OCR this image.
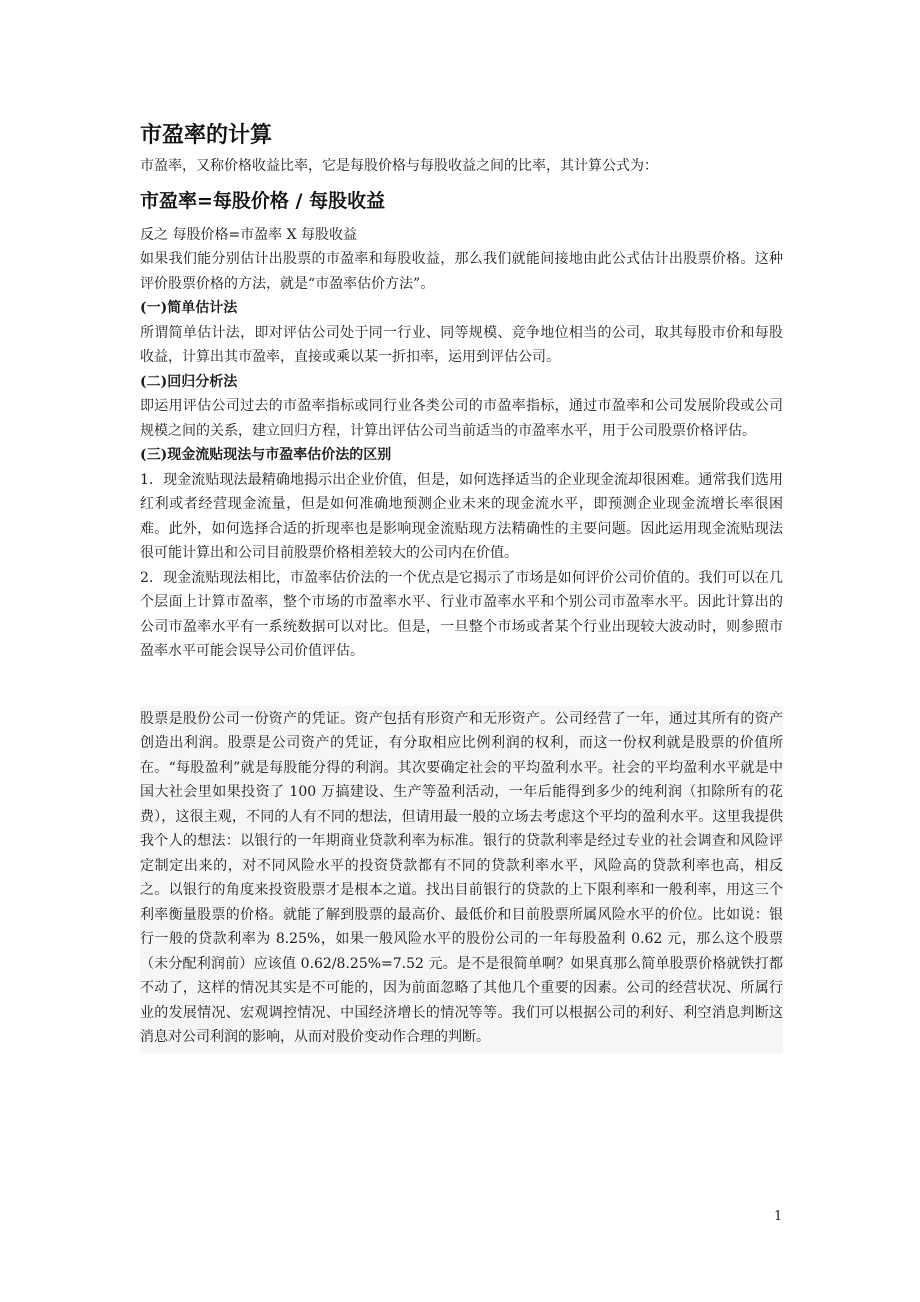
市盈率的计算

市盈率，又称价格收益比率，它是每股价格与每股收益之间的比率，其计算公式为：

市盈率=每股价格 / 每股收益

反之 每股价格=市盈率 X 每股收益

如果我们能分别估计出股票的市盈率和每股收益，那么我们就能间接地由此公式估计出股票价格。这种评价股票价格的方法，就是“市盈率估价方法”。

(一)简单估计法

所谓简单估计法，即对评估公司处于同一行业、同等规模、竞争地位相当的公司，取其每股市价和每股收益，计算出其市盈率，直接或乘以某一折扣率，运用到评估公司。

(二)回归分析法

即运用评估公司过去的市盈率指标或同行业各类公司的市盈率指标，通过市盈率和公司发展阶段或公司规模之间的关系，建立回归方程，计算出评估公司当前适当的市盈率水平，用于公司股票价格评估。

(三)现金流贴现法与市盈率估价法的区别

1．现金流贴现法最精确地揭示出企业价值，但是，如何选择适当的企业现金流却很困难。通常我们选用红利或者经营现金流量，但是如何准确地预测企业未来的现金流水平，即预测企业现金流增长率很困难。此外，如何选择合适的折现率也是影响现金流贴现方法精确性的主要问题。因此运用现金流贴现法很可能计算出和公司目前股票价格相差较大的公司内在价值。

2．现金流贴现法相比，市盈率估价法的一个优点是它揭示了市场是如何评价公司价值的。我们可以在几个层面上计算市盈率，整个市场的市盈率水平、行业市盈率水平和个别公司市盈率水平。因此计算出的公司市盈率水平有一系统数据可以对比。但是，一旦整个市场或者某个行业出现较大波动时，则参照市盈率水平可能会误导公司价值评估。

股票是股份公司一份资产的凭证。资产包括有形资产和无形资产。公司经营了一年，通过其所有的资产创造出利润。股票是公司资产的凭证，有分取相应比例利润的权利，而这一份权利就是股票的价值所在。“每股盈利”就是每股能分得的利润。其次要确定社会的平均盈利水平。社会的平均盈利水平就是中国大社会里如果投资了 100 万搞建设、生产等盈利活动，一年后能得到多少的纯利润（扣除所有的花费），这很主观，不同的人有不同的想法，但请用最一般的立场去考虑这个平均的盈利水平。这里我提供我个人的想法：以银行的一年期商业贷款利率为标准。银行的贷款利率是经过专业的社会调查和风险评定制定出来的，对不同风险水平的投资贷款都有不同的贷款利率水平，风险高的贷款利率也高，相反之。以银行的角度来投资股票才是根本之道。找出目前银行的贷款的上下限利率和一般利率，用这三个利率衡量股票的价格。就能了解到股票的最高价、最低价和目前股票所属风险水平的价位。比如说：银行一般的贷款利率为 8.25%，如果一般风险水平的股份公司的一年每股盈利 0.62 元，那么这个股票（未分配利润前）应该值 0.62/8.25%=7.52 元。是不是很简单啊？如果真那么简单股票价格就铁打都不动了，这样的情况其实是不可能的，因为前面忽略了其他几个重要的因素。公司的经营状况、所属行业的发展情况、宏观调控情况、中国经济增长的情况等等。我们可以根据公司的利好、利空消息判断这消息对公司利润的影响，从而对股价变动作合理的判断。

1
